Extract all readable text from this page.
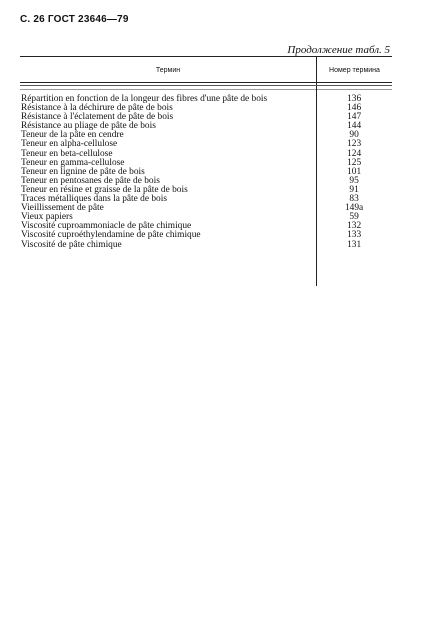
С. 26 ГОСТ 23646—79
Продолжение табл. 5
Термин	Номер термина
Répartition en fonction de la longeur des fibres d'une pâte de bois	136
Résistance à la déchirure de pâte de bois	146
Résistance à l'éclatement de pâte de bois	147
Résistance au pliage de pâte de bois	144
Teneur de la pâte en cendre	90
Teneur en alpha-cellulose	123
Teneur en beta-cellulose	124
Teneur en gamma-cellulose	125
Teneur en lignine de pâte de bois	101
Teneur en pentosanes de pâte de bois	95
Teneur en résine et graisse de la pâte de bois	91
Traces métalliques dans la pâte de bois	83
Vieillissement de pâte	149a
Vieux papiers	59
Viscosité cuproammoniacle de pâte chimique	132
Viscosité cuproéthylendamine de pâte chimique	133
Viscosité de pâte chimique	131
